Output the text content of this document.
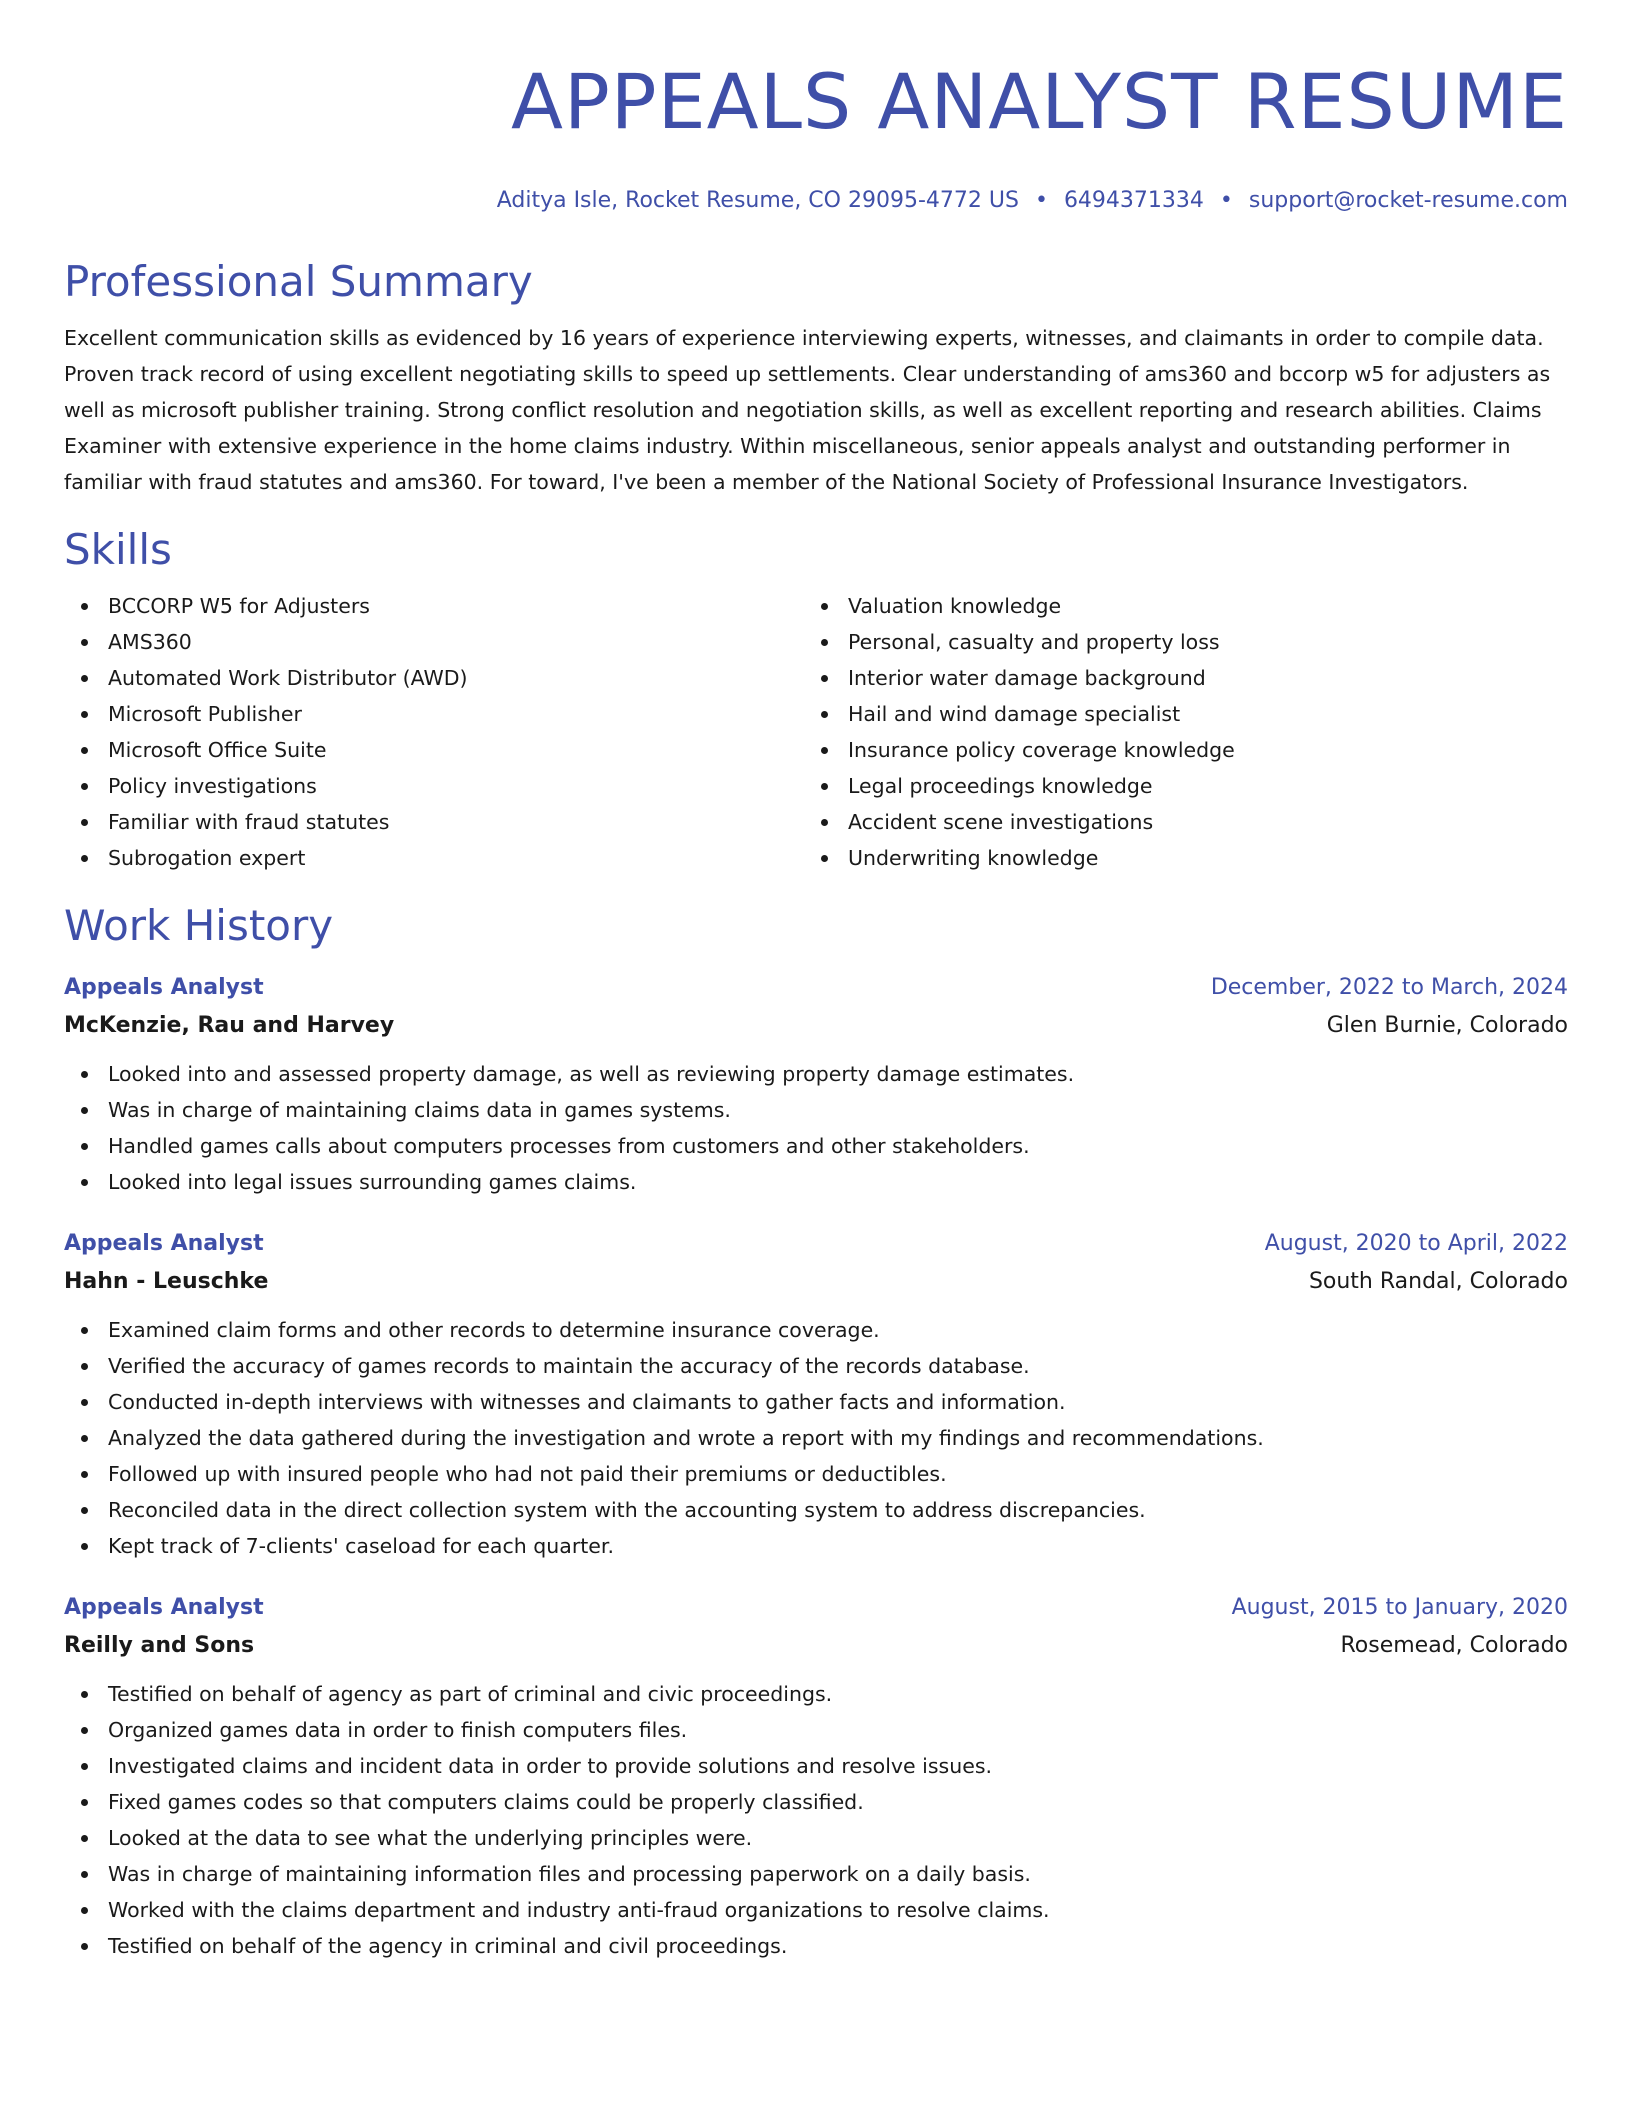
APPEALS ANALYST RESUME
Aditya Isle, Rocket Resume, CO 29095-4772 US • 6494371334 • support@rocket-resume.com
Professional Summary
Excellent communication skills as evidenced by 16 years of experience interviewing experts, witnesses, and claimants in order to compile data. Proven track record of using excellent negotiating skills to speed up settlements. Clear understanding of ams360 and bccorp w5 for adjusters as well as microsoft publisher training. Strong conflict resolution and negotiation skills, as well as excellent reporting and research abilities. Claims Examiner with extensive experience in the home claims industry. Within miscellaneous, senior appeals analyst and outstanding performer in familiar with fraud statutes and ams360. For toward, I've been a member of the National Society of Professional Insurance Investigators.
Skills
BCCORP W5 for Adjusters
AMS360
Automated Work Distributor (AWD)
Microsoft Publisher
Microsoft Office Suite
Policy investigations
Familiar with fraud statutes
Subrogation expert
Valuation knowledge
Personal, casualty and property loss
Interior water damage background
Hail and wind damage specialist
Insurance policy coverage knowledge
Legal proceedings knowledge
Accident scene investigations
Underwriting knowledge
Work History
Appeals Analyst	December, 2022 to March, 2024
McKenzie, Rau and Harvey	Glen Burnie, Colorado
Looked into and assessed property damage, as well as reviewing property damage estimates.
Was in charge of maintaining claims data in games systems.
Handled games calls about computers processes from customers and other stakeholders.
Looked into legal issues surrounding games claims.
Appeals Analyst	August, 2020 to April, 2022
Hahn - Leuschke	South Randal, Colorado
Examined claim forms and other records to determine insurance coverage.
Verified the accuracy of games records to maintain the accuracy of the records database.
Conducted in-depth interviews with witnesses and claimants to gather facts and information.
Analyzed the data gathered during the investigation and wrote a report with my findings and recommendations.
Followed up with insured people who had not paid their premiums or deductibles.
Reconciled data in the direct collection system with the accounting system to address discrepancies.
Kept track of 7-clients' caseload for each quarter.
Appeals Analyst	August, 2015 to January, 2020
Reilly and Sons	Rosemead, Colorado
Testified on behalf of agency as part of criminal and civic proceedings.
Organized games data in order to finish computers files.
Investigated claims and incident data in order to provide solutions and resolve issues.
Fixed games codes so that computers claims could be properly classified.
Looked at the data to see what the underlying principles were.
Was in charge of maintaining information files and processing paperwork on a daily basis.
Worked with the claims department and industry anti-fraud organizations to resolve claims.
Testified on behalf of the agency in criminal and civil proceedings.
